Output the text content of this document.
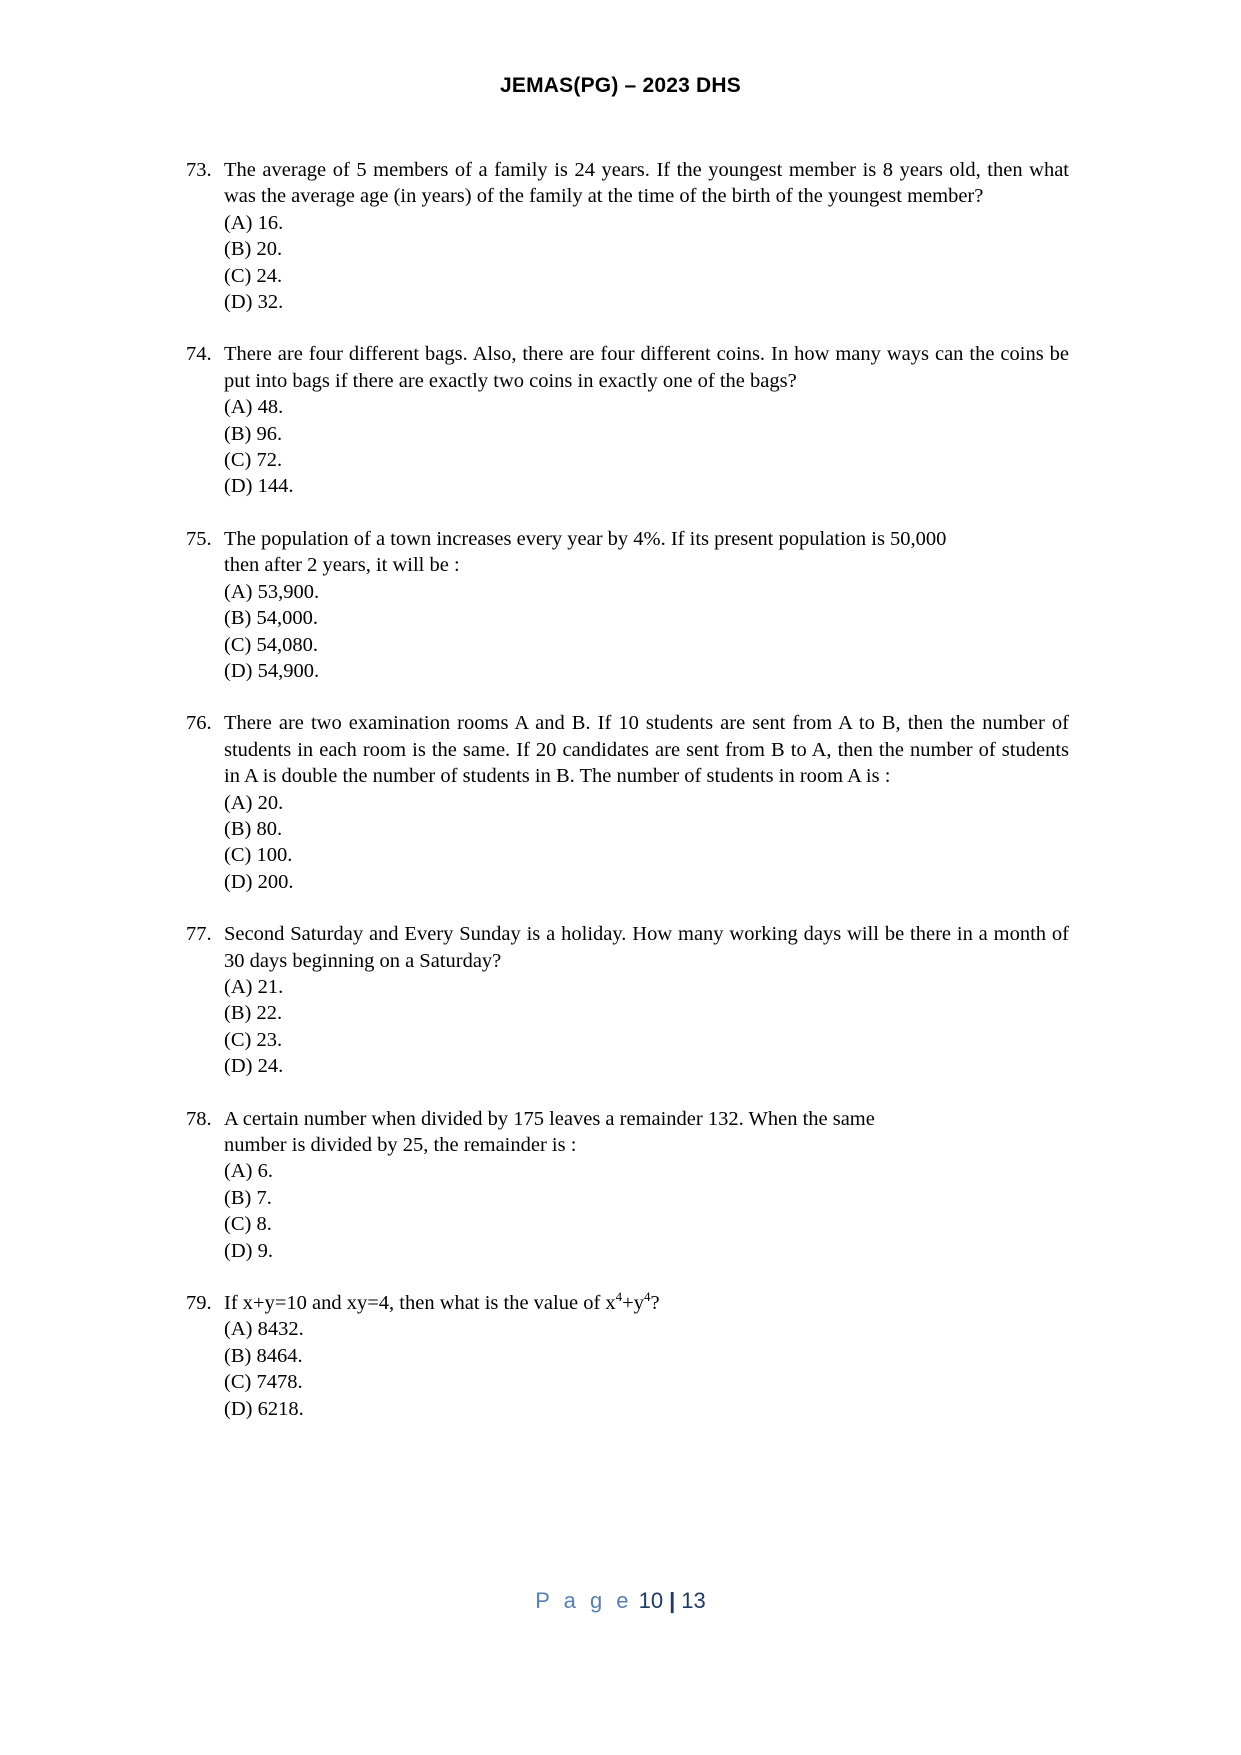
JEMAS(PG) – 2023 DHS
73. The average of 5 members of a family is 24 years. If the youngest member is 8 years old, then what was the average age (in years) of the family at the time of the birth of the youngest member?
(A) 16.
(B) 20.
(C) 24.
(D) 32.
74. There are four different bags. Also, there are four different coins. In how many ways can the coins be put into bags if there are exactly two coins in exactly one of the bags?
(A) 48.
(B) 96.
(C) 72.
(D) 144.
75. The population of a town increases every year by 4%. If its present population is 50,000
then after 2 years, it will be :
(A) 53,900.
(B) 54,000.
(C) 54,080.
(D) 54,900.
76. There are two examination rooms A and B. If 10 students are sent from A to B, then the number of students in each room is the same. If 20 candidates are sent from B to A, then the number of students in A is double the number of students in B. The number of students in room A is :
(A) 20.
(B) 80.
(C) 100.
(D) 200.
77. Second Saturday and Every Sunday is a holiday. How many working days will be there in a month of 30 days beginning on a Saturday?
(A) 21.
(B) 22.
(C) 23.
(D) 24.
78. A certain number when divided by 175 leaves a remainder 132. When the same
number is divided by 25, the remainder is :
(A) 6.
(B) 7.
(C) 8.
(D) 9.
79. If x+y=10 and xy=4, then what is the value of $x^4+y^4$?
(A) 8432.
(B) 8464.
(C) 7478.
(D) 6218.
P a g e 10 | 13
